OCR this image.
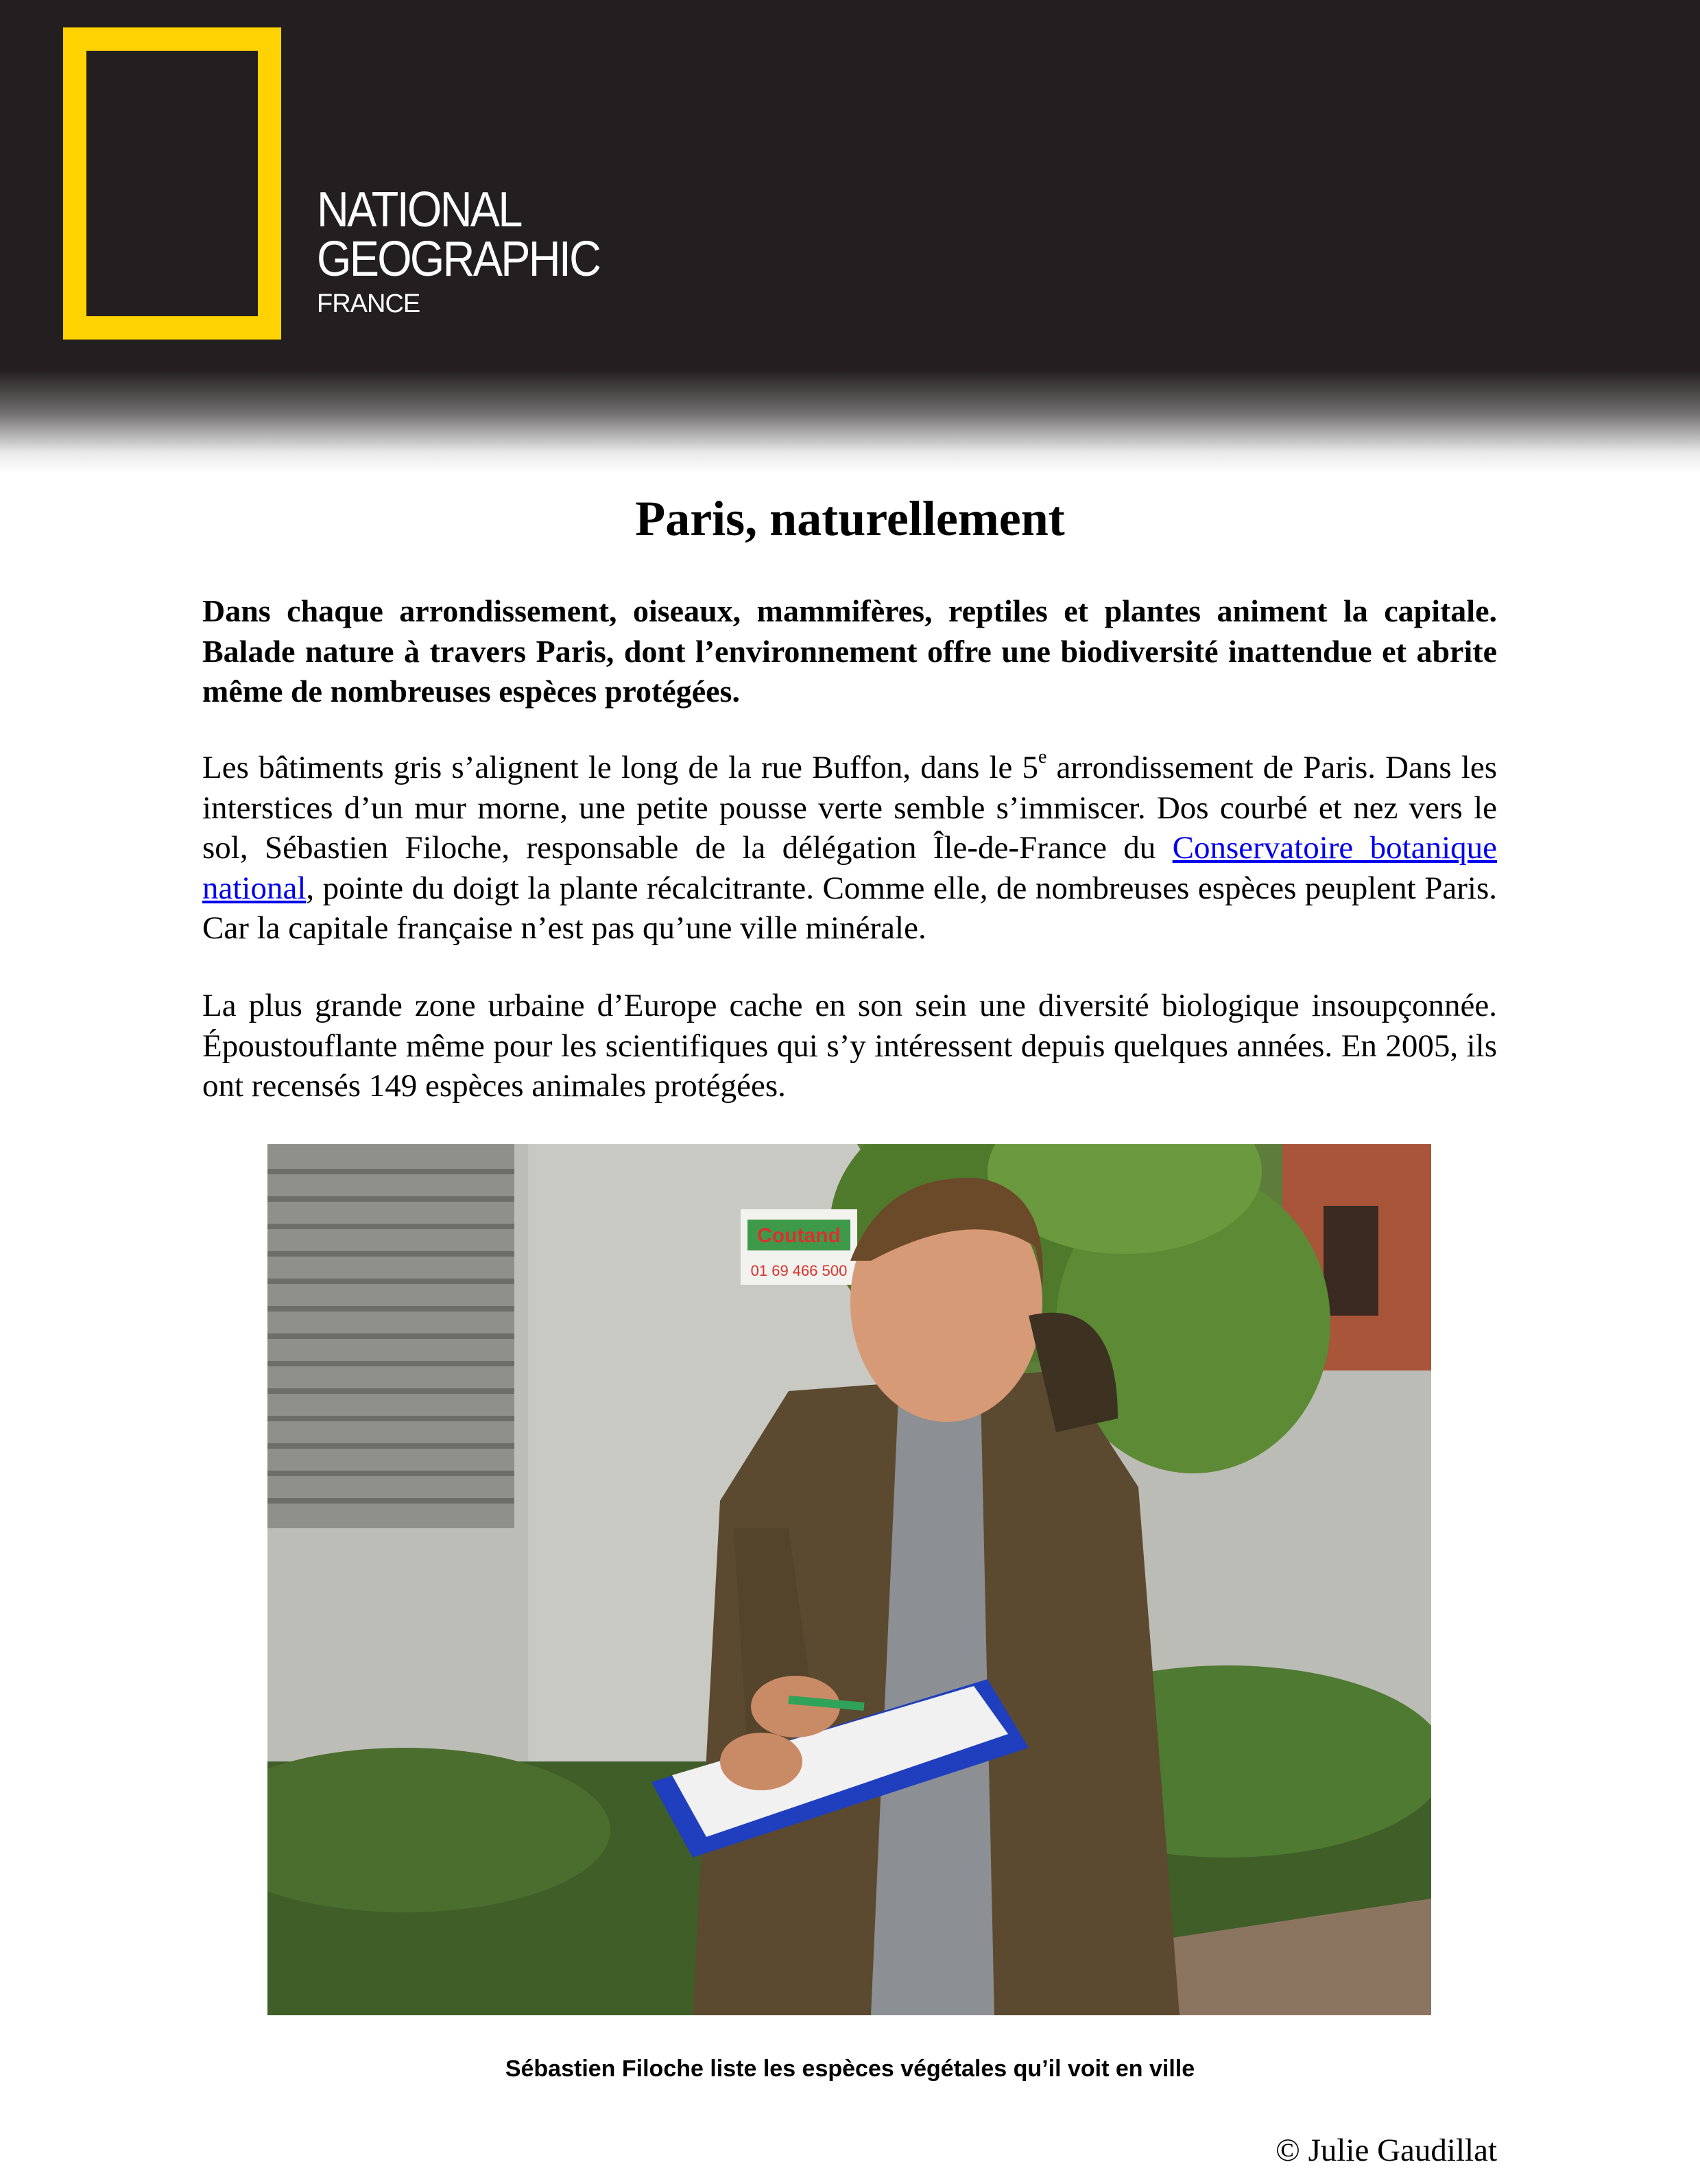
NATIONAL
GEOGRAPHIC
FRANCE
Paris, naturellement

Dans chaque arrondissement, oiseaux, mammifères, reptiles et plantes animent la capitale. Balade nature à travers Paris, dont l’environnement offre une biodiversité inattendue et abrite même de nombreuses espèces protégées.

Les bâtiments gris s’alignent le long de la rue Buffon, dans le 5e arrondissement de Paris. Dans les interstices d’un mur morne, une petite pousse verte semble s’immiscer. Dos courbé et nez vers le sol, Sébastien Filoche, responsable de la délégation Île-de-France du Conservatoire botanique national, pointe du doigt la plante récalcitrante. Comme elle, de nombreuses espèces peuplent Paris. Car la capitale française n’est pas qu’une ville minérale.

La plus grande zone urbaine d’Europe cache en son sein une diversité biologique insoupçonnée. Époustouflante même pour les scientifiques qui s’y intéressent depuis quelques années. En 2005, ils ont recensés 149 espèces animales protégées.

Coutand
01 69 466 500

Sébastien Filoche liste les espèces végétales qu’il voit en ville

© Julie Gaudillat
